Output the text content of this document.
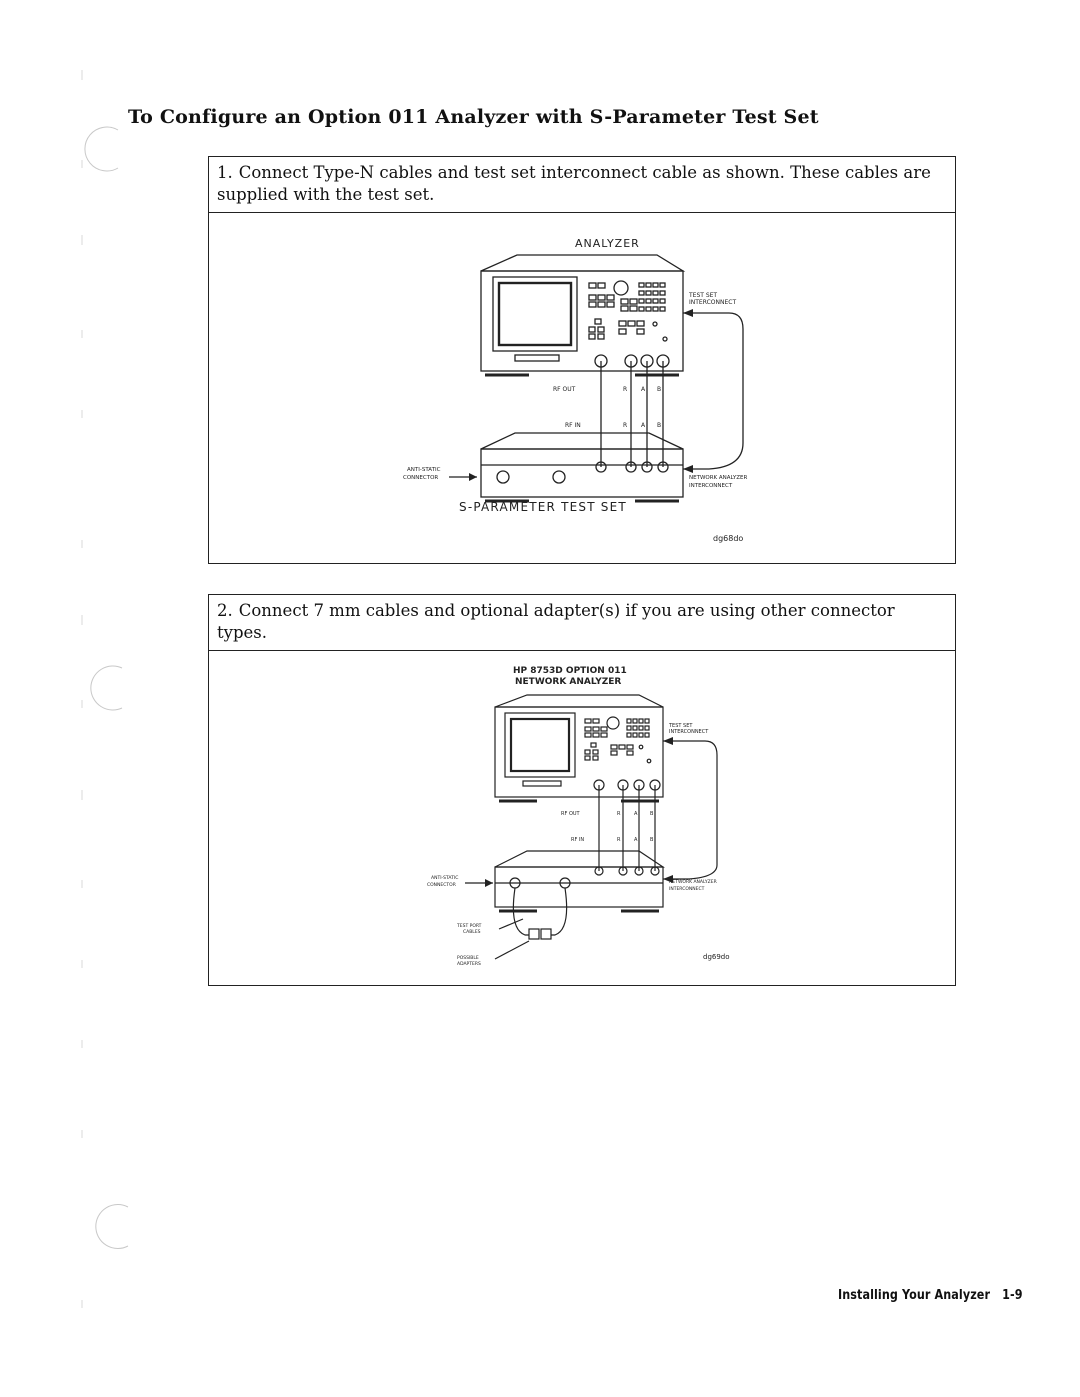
To Configure an Option 011 Analyzer with S-Parameter Test Set
1. Connect Type-N cables and test set interconnect cable as shown. These cables are supplied with the test set.
ANALYZER
TEST SET
INTERCONNECT
RF OUT	R A B
RF IN	R A B
ANTI-STATIC
CONNECTOR	NETWORK ANALYZER
INTERCONNECT
S-PARAMETER TEST SET
dg68do
2. Connect 7 mm cables and optional adapter(s) if you are using other connector types.
HP 8753D OPTION 011
NETWORK ANALYZER
TEST SET
INTERCONNECT
RF OUT	R	A	B
RF IN	R	A	B
ANTI-STATIC
CONNECTOR
NETWORK ANALYZER
INTERCONNECT
TEST PORT
CABLES
POSSIBLE
ADAPTERS
dg69do
Installing Your Analyzer 1-9
